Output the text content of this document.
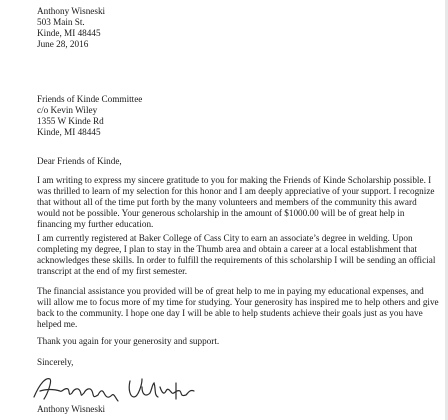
Anthony Wisneski

503 Main St.

Kinde, MI 48445

June 28, 2016

Friends of Kinde Committee

c/o Kevin Wiley

1355 W Kinde Rd

Kinde, MI 48445

Dear Friends of Kinde,

I am writing to express my sincere gratitude to you for making the Friends of Kinde Scholarship possible. I was thrilled to learn of my selection for this honor and I am deeply appreciative of your support. I recognize that without all of the time put forth by the many volunteers and members of the community this award would not be possible. Your generous scholarship in the amount of $1000.00 will be of great help in financing my further education.

I am currently registered at Baker College of Cass City to earn an associate’s degree in welding. Upon completing my degree, I plan to stay in the Thumb area and obtain a career at a local establishment that acknowledges these skills. In order to fulfill the requirements of this scholarship I will be sending an official transcript at the end of my first semester.

The financial assistance you provided will be of great help to me in paying my educational expenses, and will allow me to focus more of my time for studying. Your generosity has inspired me to help others and give back to the community. I hope one day I will be able to help students achieve their goals just as you have helped me.

Thank you again for your generosity and support.

Sincerely,

Anthony Wisneski
